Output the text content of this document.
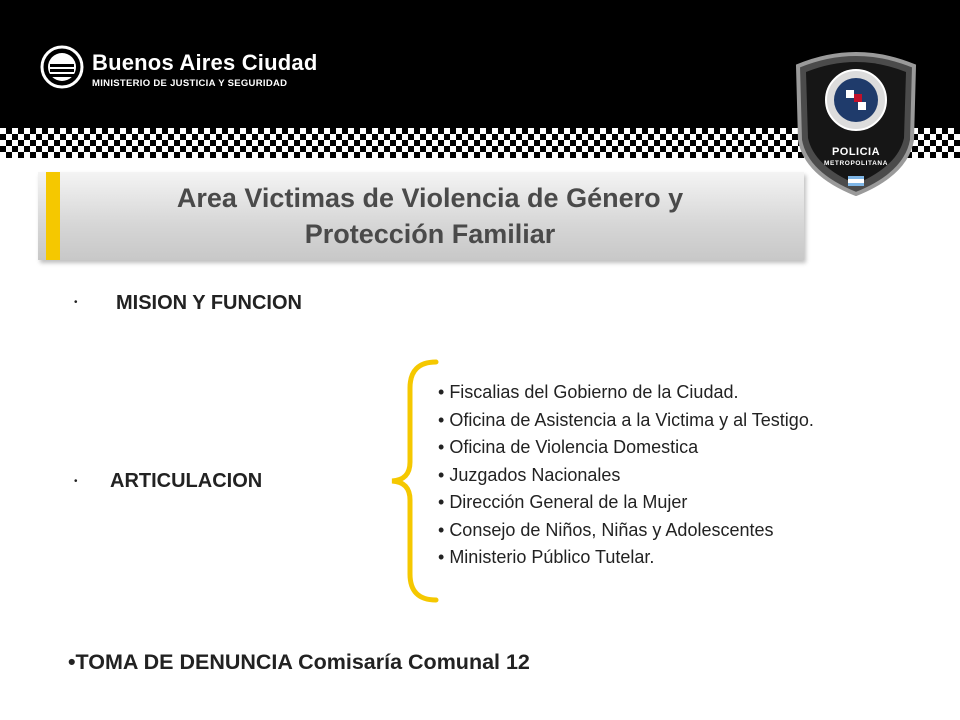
Buenos Aires Ciudad
MINISTERIO DE JUSTICIA Y SEGURIDAD
POLICIA
METROPOLITANA
Area Victimas de Violencia de Género y
Protección Familiar
• MISION Y FUNCION
• ARTICULACION
• Fiscalias del Gobierno de la Ciudad.
• Oficina de Asistencia a la Victima y al Testigo.
• Oficina de Violencia Domestica
• Juzgados Nacionales
• Dirección General de la Mujer
• Consejo de Niños, Niñas y Adolescentes
• Ministerio Público Tutelar.
•TOMA DE DENUNCIA Comisaría Comunal 12
